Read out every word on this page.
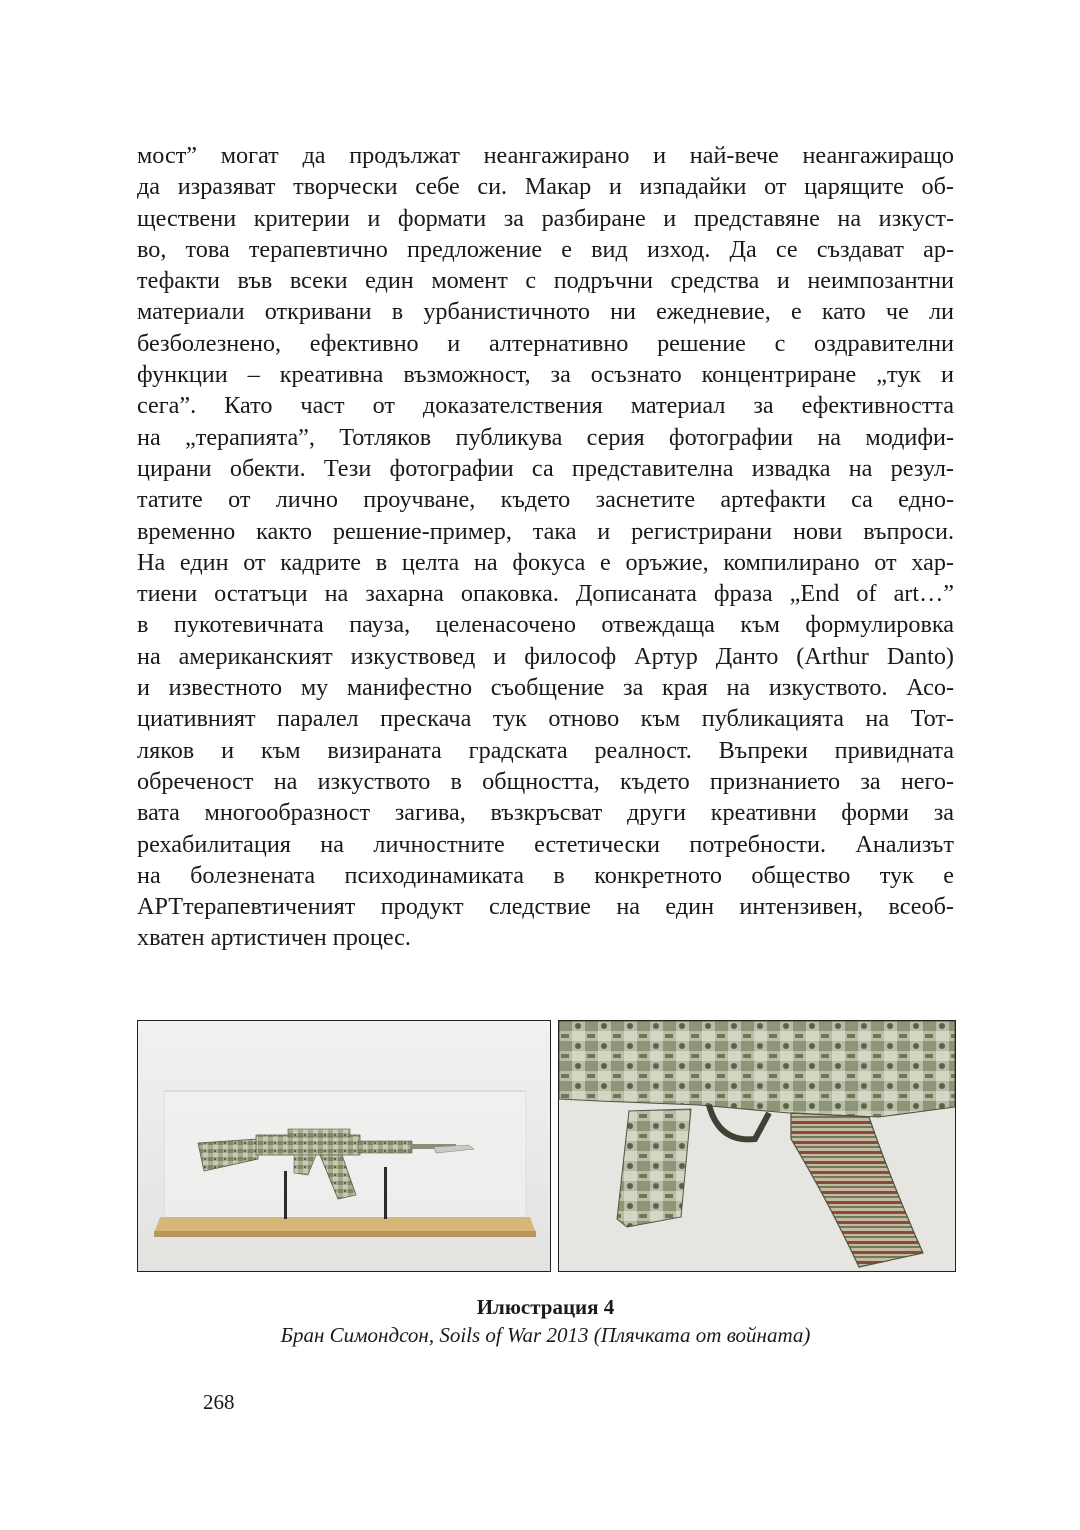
мост” могат да продължат неангажирано и най-вече неангажиращо
да изразяват творчески себе си. Макар и изпадайки от царящите об-
ществени критерии и формати за разбиране и представяне на изкуст-
во, това терапевтично предложение е вид изход. Да се създават ар-
тефакти във всеки един момент с подръчни средства и неимпозантни
материали откривани в урбанистичното ни ежедневие, е като че ли
безболезнено, ефективно и алтернативно решение с оздравителни
функции – креативна възможност, за осъзнато концентриране „тук и
сега”. Като част от доказателствения материал за ефективността
на „терапията”, Тотляков публикува серия фотографии на модифи-
цирани обекти. Тези фотографии са представителна извадка на резул-
татите от лично проучване, където заснетите артефакти са едно-
временно както решение-пример, така и регистрирани нови въпроси.
На един от кадрите в целта на фокуса е оръжие, компилирано от хар-
тиени остатъци на захарна опаковка. Дописаната фраза „End of art…”
в пукотевичната пауза, целенасочено отвеждаща към формулировка
на американският изкуствовед и философ Артур Данто (Arthur Danto)
и известното му манифестно съобщение за края на изкуството. Асо-
циативният паралел прескача тук отново към публикацията на Тот-
ляков и към визираната градската реалност. Въпреки привидната
обреченост на изкуството в общността, където признанието за него-
вата многообразност загива, възкръсват други креативни форми за
рехабилитация на личностните естетически потребности. Анализът
на болезнената психодинамиката в конкретното общество тук е
АРТтерапевтичeният продукт следствие на един интензивен, всеоб-
хватен артистичен процес.

Илюстрация 4

Бран Симондсон, Soils of War 2013 (Плячката от войната)

268
